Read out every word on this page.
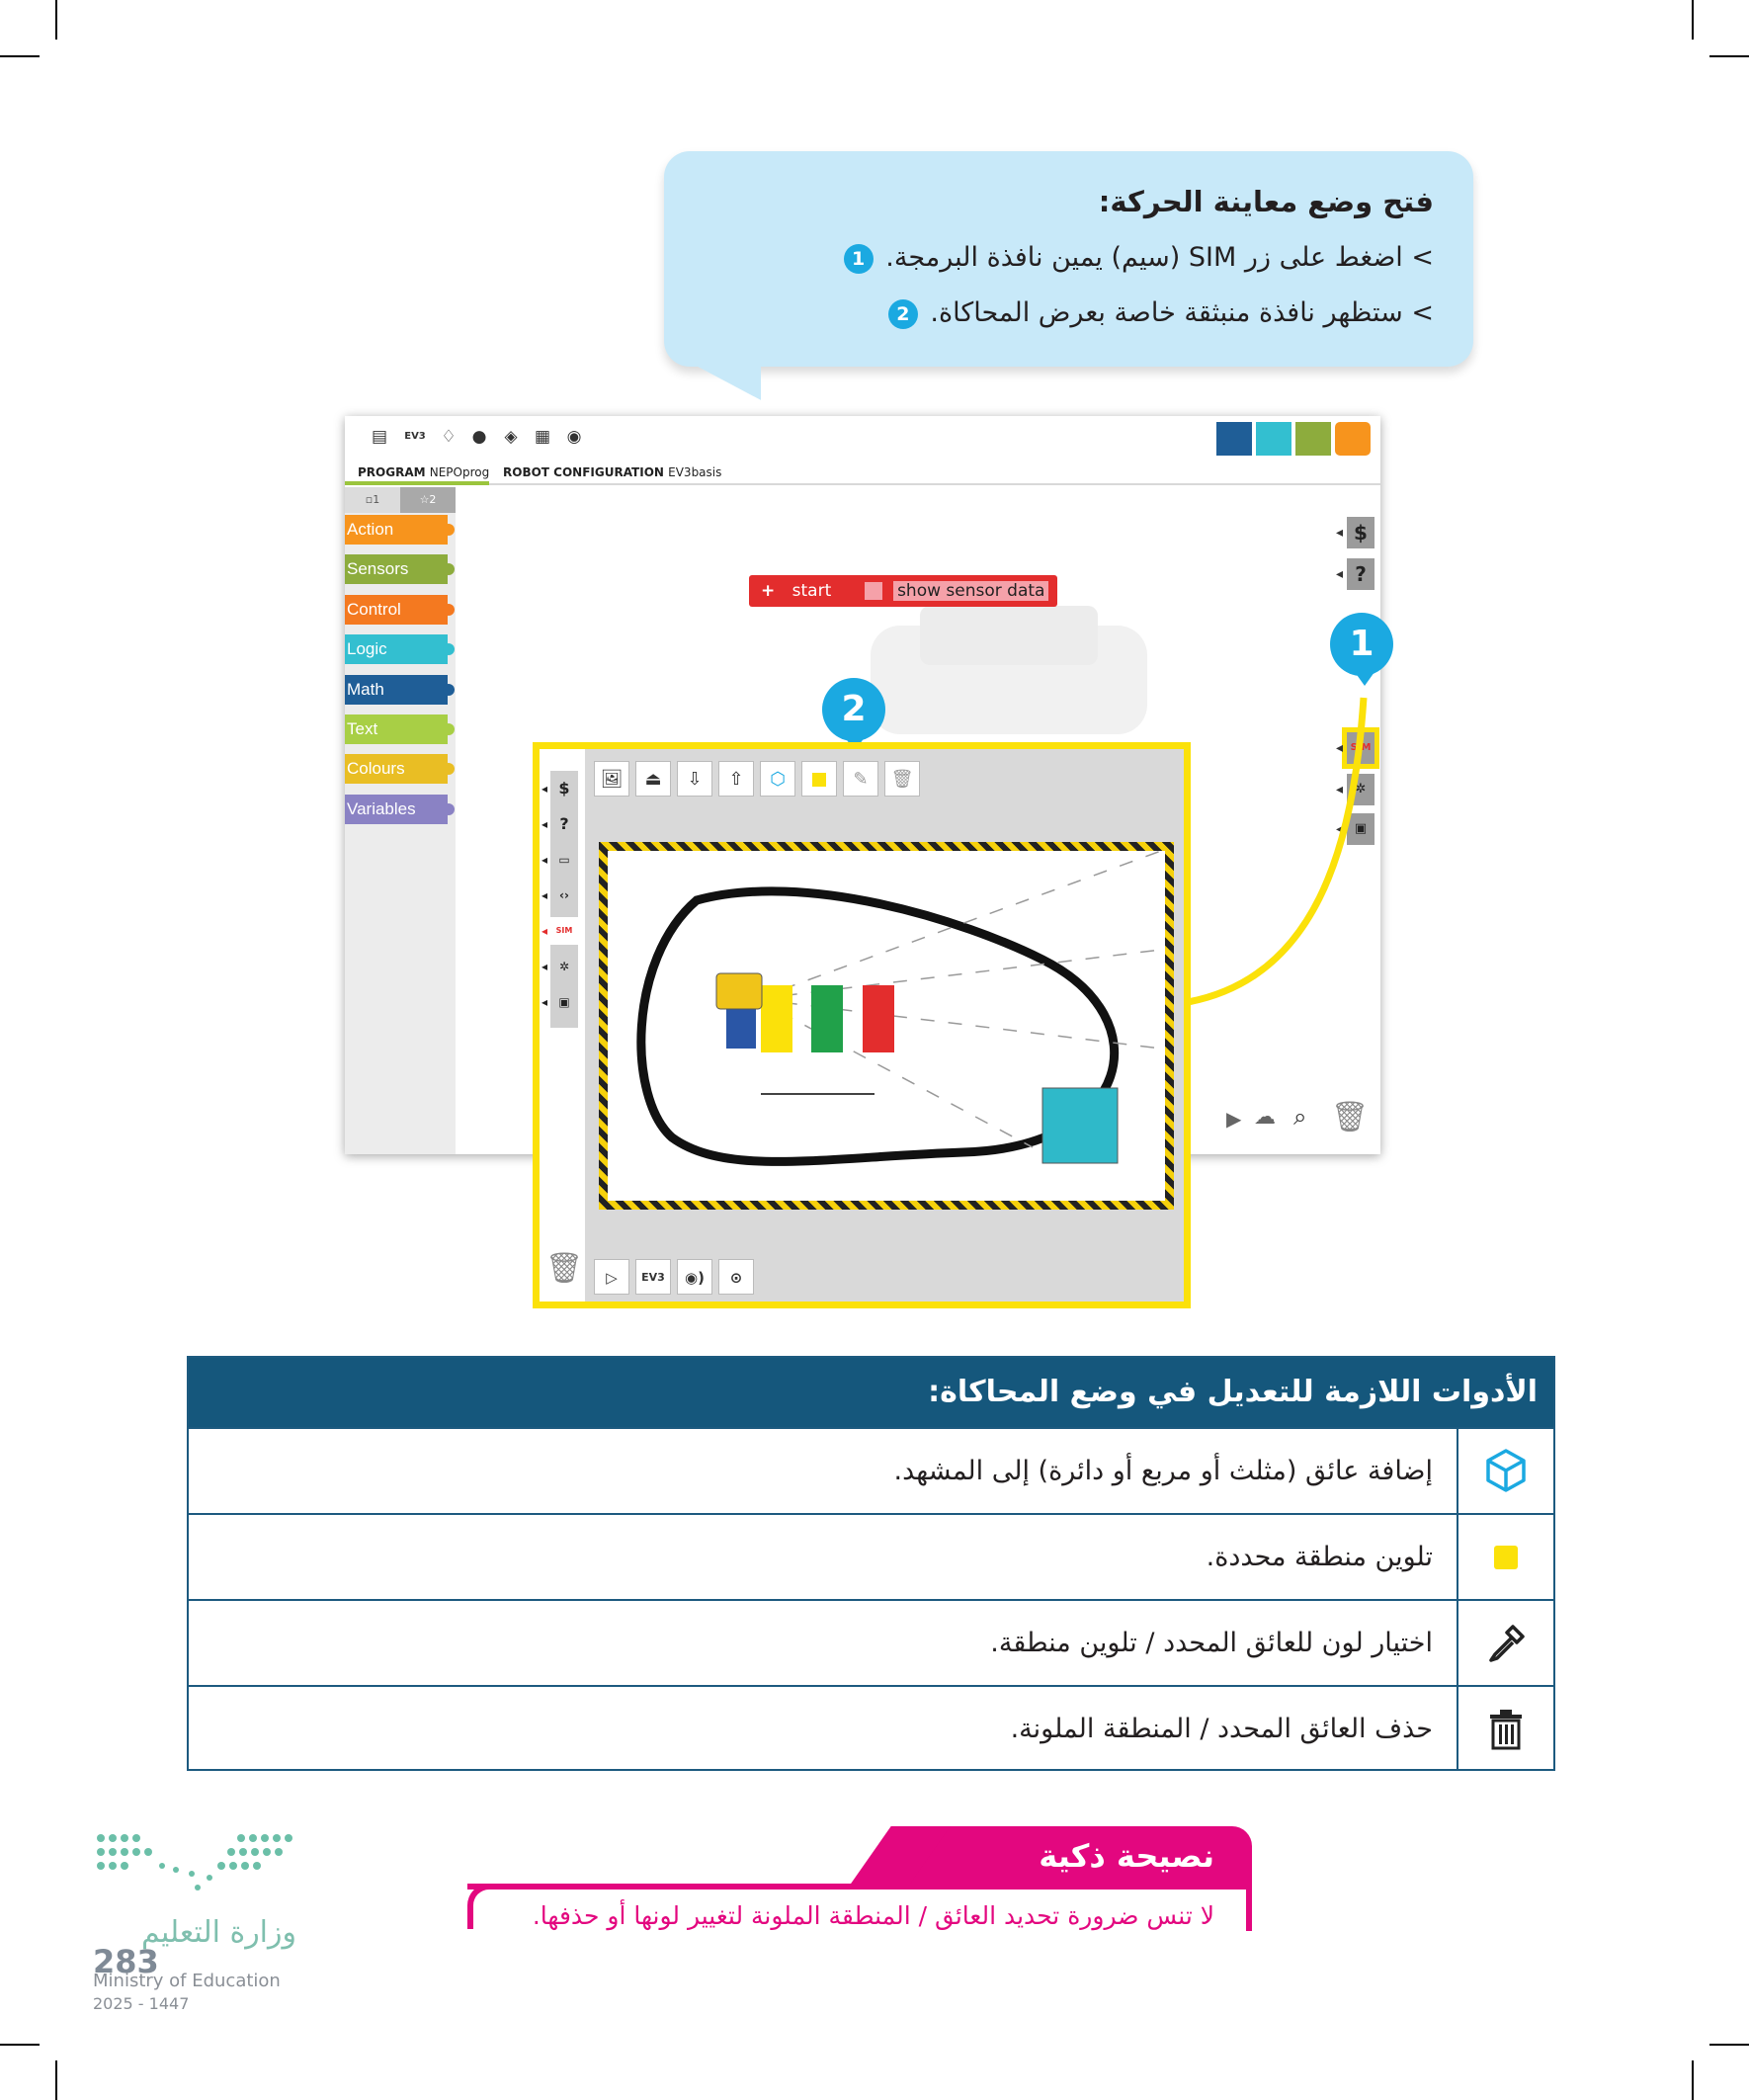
فتح وضع معاينة الحركة:
> اضغط على زر SIM (سيم) يمين نافذة البرمجة. 1
> ستظهر نافذة منبثقة خاصة بعرض المحاكاة. 2
▤	EV3 ♢ ● ◈ ▦ ◉
PROGRAM NEPOprog ROBOT CONFIGURATION EV3basis
▫1	☆2
Action
Sensors
Control
Logic
Math
Text
Colours
Variables
◂ $
◂ ?
◂ SIM
◂ ✲
◂ ▣
▶ ☁ ⌕ 🗑
+ start	show sensor data
1
2
◂ $
◂ ?
◂ ▭
◂ ‹›
◂ SIM
◂ ✲
◂ ▣
🗑
🖼	⏏	⇩	⇧	⬡	✎	🗑
▷	EV3	◉)	⊙
الأدوات اللازمة للتعديل في وضع المحاكاة:
إضافة عائق (مثلث أو مربع أو دائرة) إلى المشهد.
تلوين منطقة محددة.
اختيار لون للعائق المحدد / تلوين منطقة.
حذف العائق المحدد / المنطقة الملونة.
نصيحة ذكية
لا تنس ضرورة تحديد العائق / المنطقة الملونة لتغيير لونها أو حذفها.
وزارة التعليم
Ministry of Education
2025 - 1447
283
